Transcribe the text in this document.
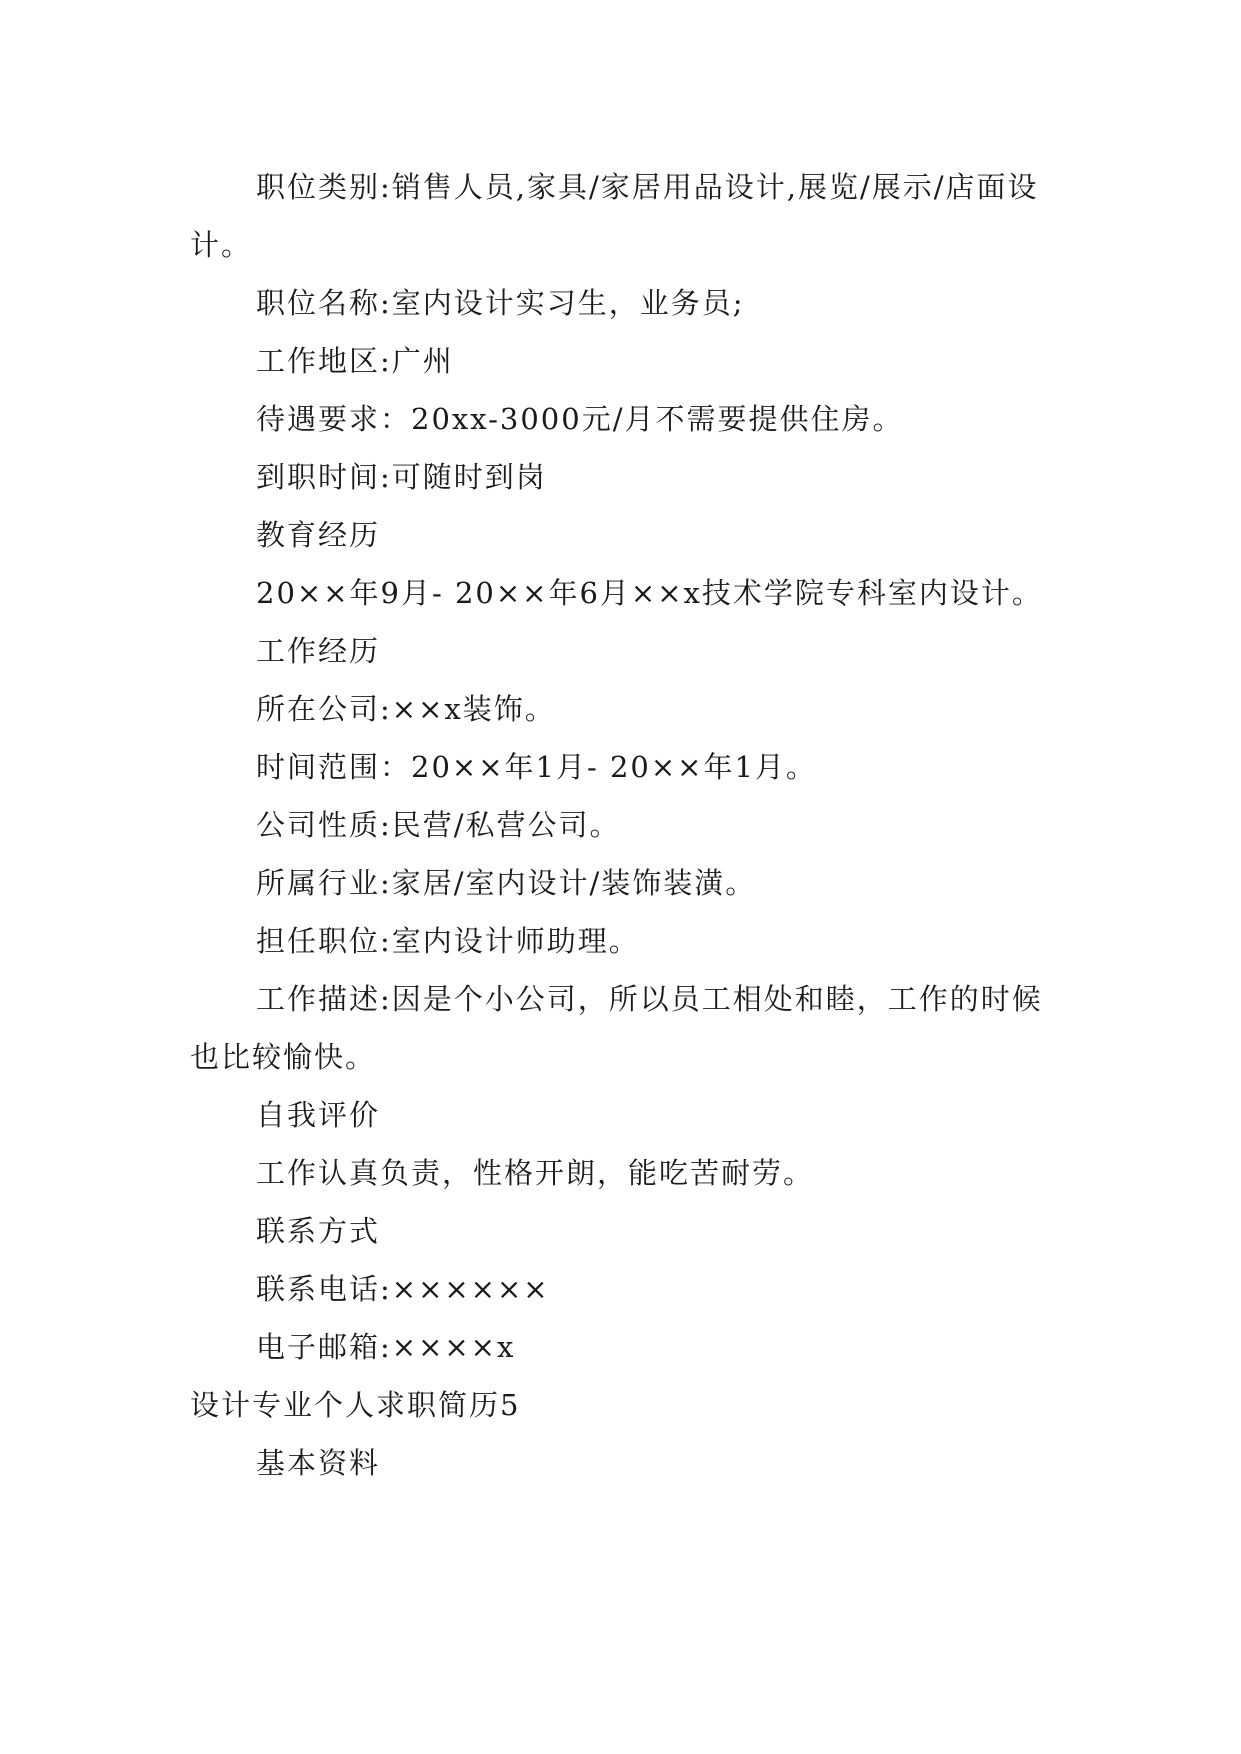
职位类别:销售人员,家具/家居用品设计,展览/展示/店面设计。

职位名称:室内设计实习生，业务员;

工作地区:广州

待遇要求：20xx-3000元/月不需要提供住房。

到职时间:可随时到岗

教育经历

20××年9月- 20××年6月××x技术学院专科室内设计。

工作经历

所在公司:××x装饰。

时间范围：20××年1月- 20××年1月。

公司性质:民营/私营公司。

所属行业:家居/室内设计/装饰装潢。

担任职位:室内设计师助理。

工作描述:因是个小公司，所以员工相处和睦，工作的时候也比较愉快。

自我评价

工作认真负责，性格开朗，能吃苦耐劳。

联系方式

联系电话:××××××

电子邮箱:××××x

设计专业个人求职简历5

基本资料
